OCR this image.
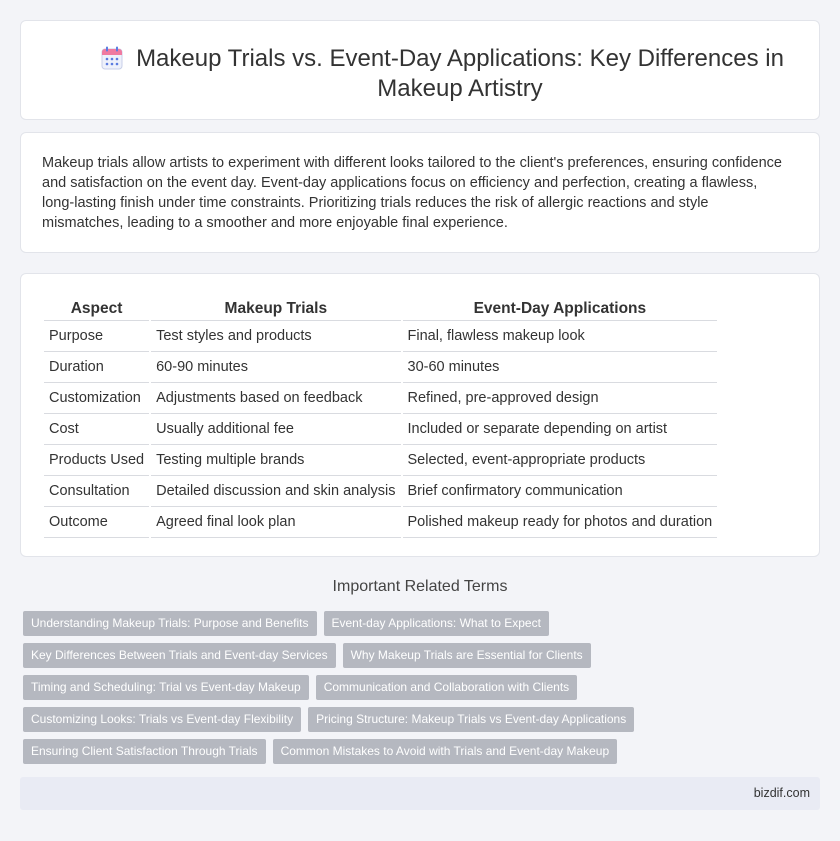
Makeup Trials vs. Event-Day Applications: Key Differences in Makeup Artistry

Makeup trials allow artists to experiment with different looks tailored to the client's preferences, ensuring confidence and satisfaction on the event day. Event-day applications focus on efficiency and perfection, creating a flawless, long-lasting finish under time constraints. Prioritizing trials reduces the risk of allergic reactions and style mismatches, leading to a smoother and more enjoyable final experience.

Aspect	Makeup Trials	Event-Day Applications
Purpose	Test styles and products	Final, flawless makeup look
Duration	60-90 minutes	30-60 minutes
Customization	Adjustments based on feedback	Refined, pre-approved design
Cost	Usually additional fee	Included or separate depending on artist
Products Used	Testing multiple brands	Selected, event-appropriate products
Consultation	Detailed discussion and skin analysis	Brief confirmatory communication
Outcome	Agreed final look plan	Polished makeup ready for photos and duration
Important Related Terms
Understanding Makeup Trials: Purpose and Benefits	Event-day Applications: What to Expect
Key Differences Between Trials and Event-day Services	Why Makeup Trials are Essential for Clients
Timing and Scheduling: Trial vs Event-day Makeup	Communication and Collaboration with Clients
Customizing Looks: Trials vs Event-day Flexibility	Pricing Structure: Makeup Trials vs Event-day Applications
Ensuring Client Satisfaction Through Trials	Common Mistakes to Avoid with Trials and Event-day Makeup
bizdif.com
